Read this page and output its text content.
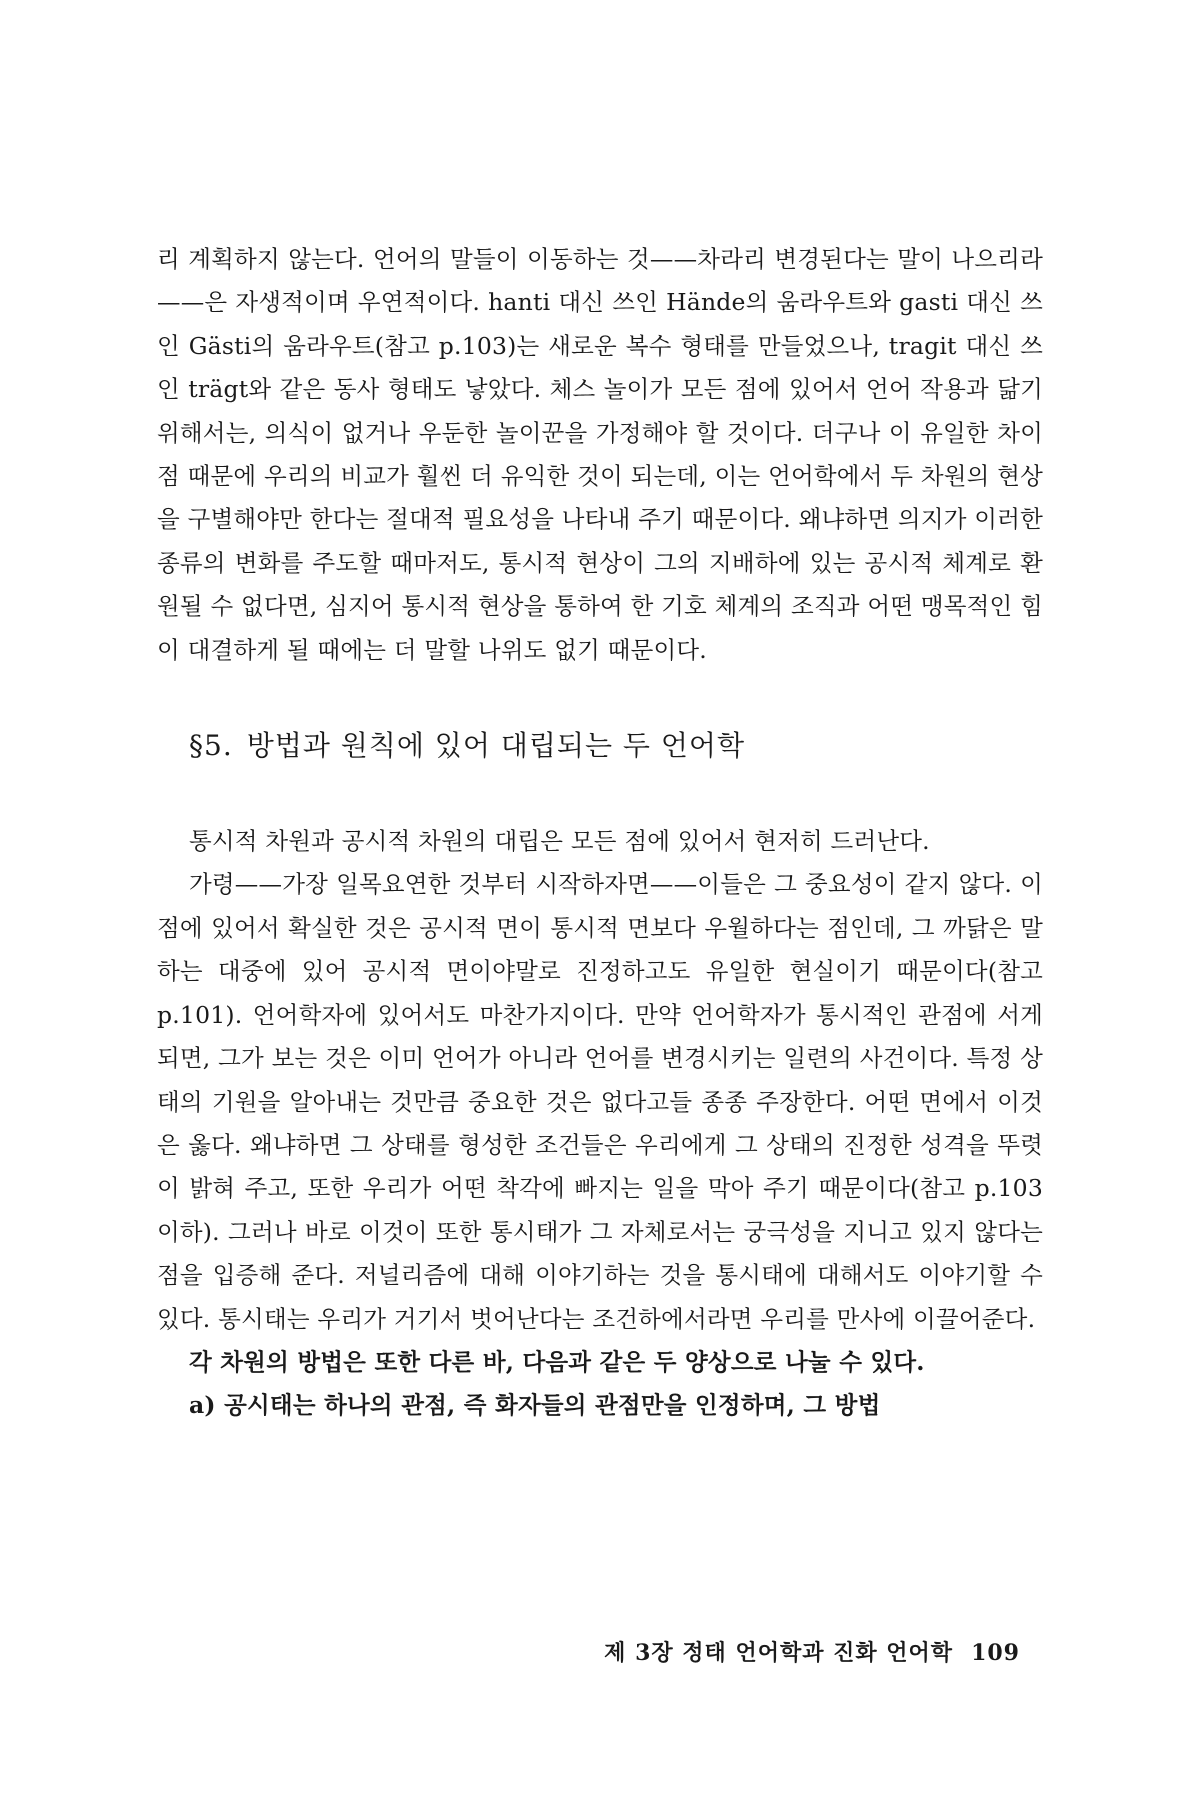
리 계획하지 않는다. 언어의 말들이 이동하는 것——차라리 변경된다는 말이 나으리라——은 자생적이며 우연적이다. hanti 대신 쓰인 Hände의 움라우트와 gasti 대신 쓰인 Gästi의 움라우트(참고 p.103)는 새로운 복수 형태를 만들었으나, tragit 대신 쓰인 trägt와 같은 동사 형태도 낳았다. 체스 놀이가 모든 점에 있어서 언어 작용과 닮기 위해서는, 의식이 없거나 우둔한 놀이꾼을 가정해야 할 것이다. 더구나 이 유일한 차이점 때문에 우리의 비교가 훨씬 더 유익한 것이 되는데, 이는 언어학에서 두 차원의 현상을 구별해야만 한다는 절대적 필요성을 나타내 주기 때문이다. 왜냐하면 의지가 이러한 종류의 변화를 주도할 때마저도, 통시적 현상이 그의 지배하에 있는 공시적 체계로 환원될 수 없다면, 심지어 통시적 현상을 통하여 한 기호 체계의 조직과 어떤 맹목적인 힘이 대결하게 될 때에는 더 말할 나위도 없기 때문이다.

§5. 방법과 원칙에 있어 대립되는 두 언어학

통시적 차원과 공시적 차원의 대립은 모든 점에 있어서 현저히 드러난다.

가령——가장 일목요연한 것부터 시작하자면——이들은 그 중요성이 같지 않다. 이 점에 있어서 확실한 것은 공시적 면이 통시적 면보다 우월하다는 점인데, 그 까닭은 말하는 대중에 있어 공시적 면이야말로 진정하고도 유일한 현실이기 때문이다(참고 p.101). 언어학자에 있어서도 마찬가지이다. 만약 언어학자가 통시적인 관점에 서게 되면, 그가 보는 것은 이미 언어가 아니라 언어를 변경시키는 일련의 사건이다. 특정 상태의 기원을 알아내는 것만큼 중요한 것은 없다고들 종종 주장한다. 어떤 면에서 이것은 옳다. 왜냐하면 그 상태를 형성한 조건들은 우리에게 그 상태의 진정한 성격을 뚜렷이 밝혀 주고, 또한 우리가 어떤 착각에 빠지는 일을 막아 주기 때문이다(참고 p.103 이하). 그러나 바로 이것이 또한 통시태가 그 자체로서는 궁극성을 지니고 있지 않다는 점을 입증해 준다. 저널리즘에 대해 이야기하는 것을 통시태에 대해서도 이야기할 수 있다. 통시태는 우리가 거기서 벗어난다는 조건하에서라면 우리를 만사에 이끌어준다.

각 차원의 방법은 또한 다른 바, 다음과 같은 두 양상으로 나눌 수 있다.

a) 공시태는 하나의 관점, 즉 화자들의 관점만을 인정하며, 그 방법

제 3장 정태 언어학과 진화 언어학 109
